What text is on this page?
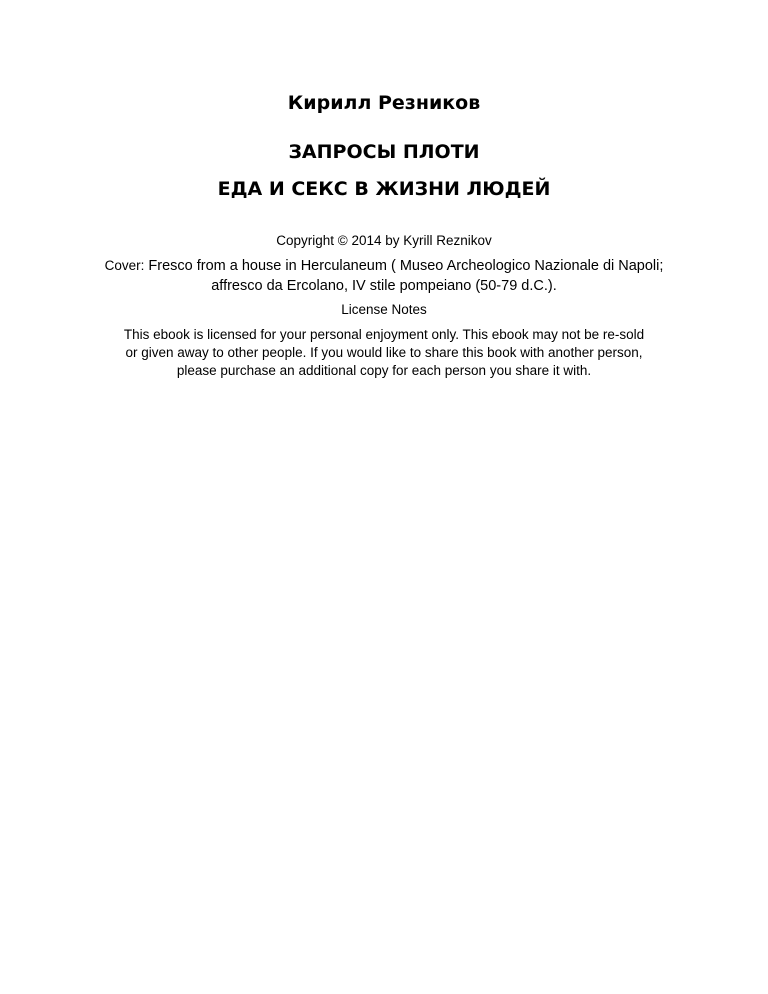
Кирилл Резников
ЗАПРОСЫ ПЛОТИ
ЕДА И СЕКС В ЖИЗНИ ЛЮДЕЙ
Copyright © 2014 by Kyrill Reznikov
Cover: Fresco from a house in Herculaneum ( Museo Archeologico Nazionale di Napoli; affresco da Ercolano, IV stile pompeiano (50-79 d.C.).
License Notes
This ebook is licensed for your personal enjoyment only. This ebook may not be re-sold
or given away to other people. If you would like to share this book with another person,
please purchase an additional copy for each person you share it with.
